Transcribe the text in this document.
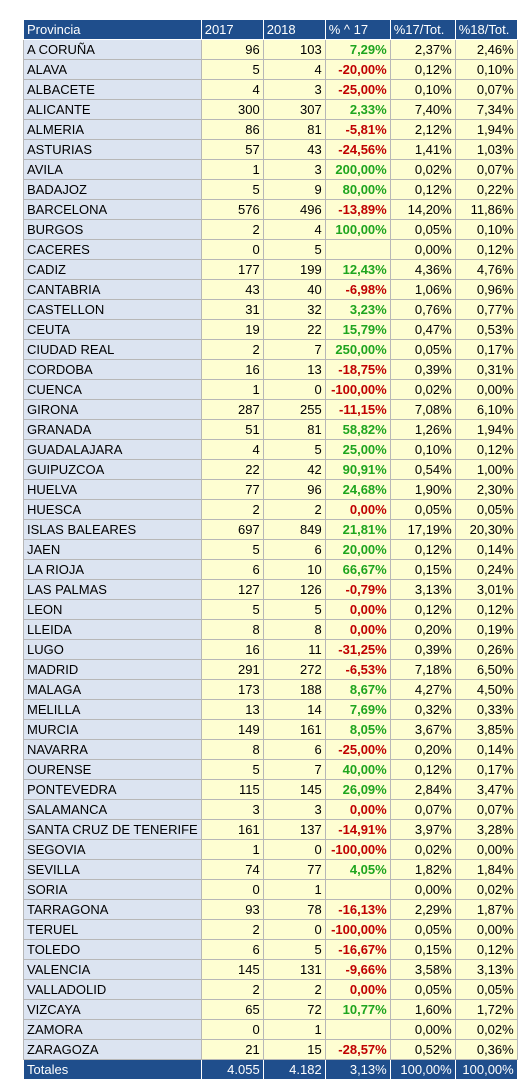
Provincia	2017	2018	% ^ 17	%17/Tot.	%18/Tot.
A CORUÑA	96	103	7,29%	2,37%	2,46%
ALAVA	5	4	-20,00%	0,12%	0,10%
ALBACETE	4	3	-25,00%	0,10%	0,07%
ALICANTE	300	307	2,33%	7,40%	7,34%
ALMERIA	86	81	-5,81%	2,12%	1,94%
ASTURIAS	57	43	-24,56%	1,41%	1,03%
AVILA	1	3	200,00%	0,02%	0,07%
BADAJOZ	5	9	80,00%	0,12%	0,22%
BARCELONA	576	496	-13,89%	14,20%	11,86%
BURGOS	2	4	100,00%	0,05%	0,10%
CACERES	0	5		0,00%	0,12%
CADIZ	177	199	12,43%	4,36%	4,76%
CANTABRIA	43	40	-6,98%	1,06%	0,96%
CASTELLON	31	32	3,23%	0,76%	0,77%
CEUTA	19	22	15,79%	0,47%	0,53%
CIUDAD REAL	2	7	250,00%	0,05%	0,17%
CORDOBA	16	13	-18,75%	0,39%	0,31%
CUENCA	1	0	-100,00%	0,02%	0,00%
GIRONA	287	255	-11,15%	7,08%	6,10%
GRANADA	51	81	58,82%	1,26%	1,94%
GUADALAJARA	4	5	25,00%	0,10%	0,12%
GUIPUZCOA	22	42	90,91%	0,54%	1,00%
HUELVA	77	96	24,68%	1,90%	2,30%
HUESCA	2	2	0,00%	0,05%	0,05%
ISLAS BALEARES	697	849	21,81%	17,19%	20,30%
JAEN	5	6	20,00%	0,12%	0,14%
LA RIOJA	6	10	66,67%	0,15%	0,24%
LAS PALMAS	127	126	-0,79%	3,13%	3,01%
LEON	5	5	0,00%	0,12%	0,12%
LLEIDA	8	8	0,00%	0,20%	0,19%
LUGO	16	11	-31,25%	0,39%	0,26%
MADRID	291	272	-6,53%	7,18%	6,50%
MALAGA	173	188	8,67%	4,27%	4,50%
MELILLA	13	14	7,69%	0,32%	0,33%
MURCIA	149	161	8,05%	3,67%	3,85%
NAVARRA	8	6	-25,00%	0,20%	0,14%
OURENSE	5	7	40,00%	0,12%	0,17%
PONTEVEDRA	115	145	26,09%	2,84%	3,47%
SALAMANCA	3	3	0,00%	0,07%	0,07%
SANTA CRUZ DE TENERIFE	161	137	-14,91%	3,97%	3,28%
SEGOVIA	1	0	-100,00%	0,02%	0,00%
SEVILLA	74	77	4,05%	1,82%	1,84%
SORIA	0	1		0,00%	0,02%
TARRAGONA	93	78	-16,13%	2,29%	1,87%
TERUEL	2	0	-100,00%	0,05%	0,00%
TOLEDO	6	5	-16,67%	0,15%	0,12%
VALENCIA	145	131	-9,66%	3,58%	3,13%
VALLADOLID	2	2	0,00%	0,05%	0,05%
VIZCAYA	65	72	10,77%	1,60%	1,72%
ZAMORA	0	1		0,00%	0,02%
ZARAGOZA	21	15	-28,57%	0,52%	0,36%
Totales	4.055	4.182	3,13%	100,00%	100,00%
